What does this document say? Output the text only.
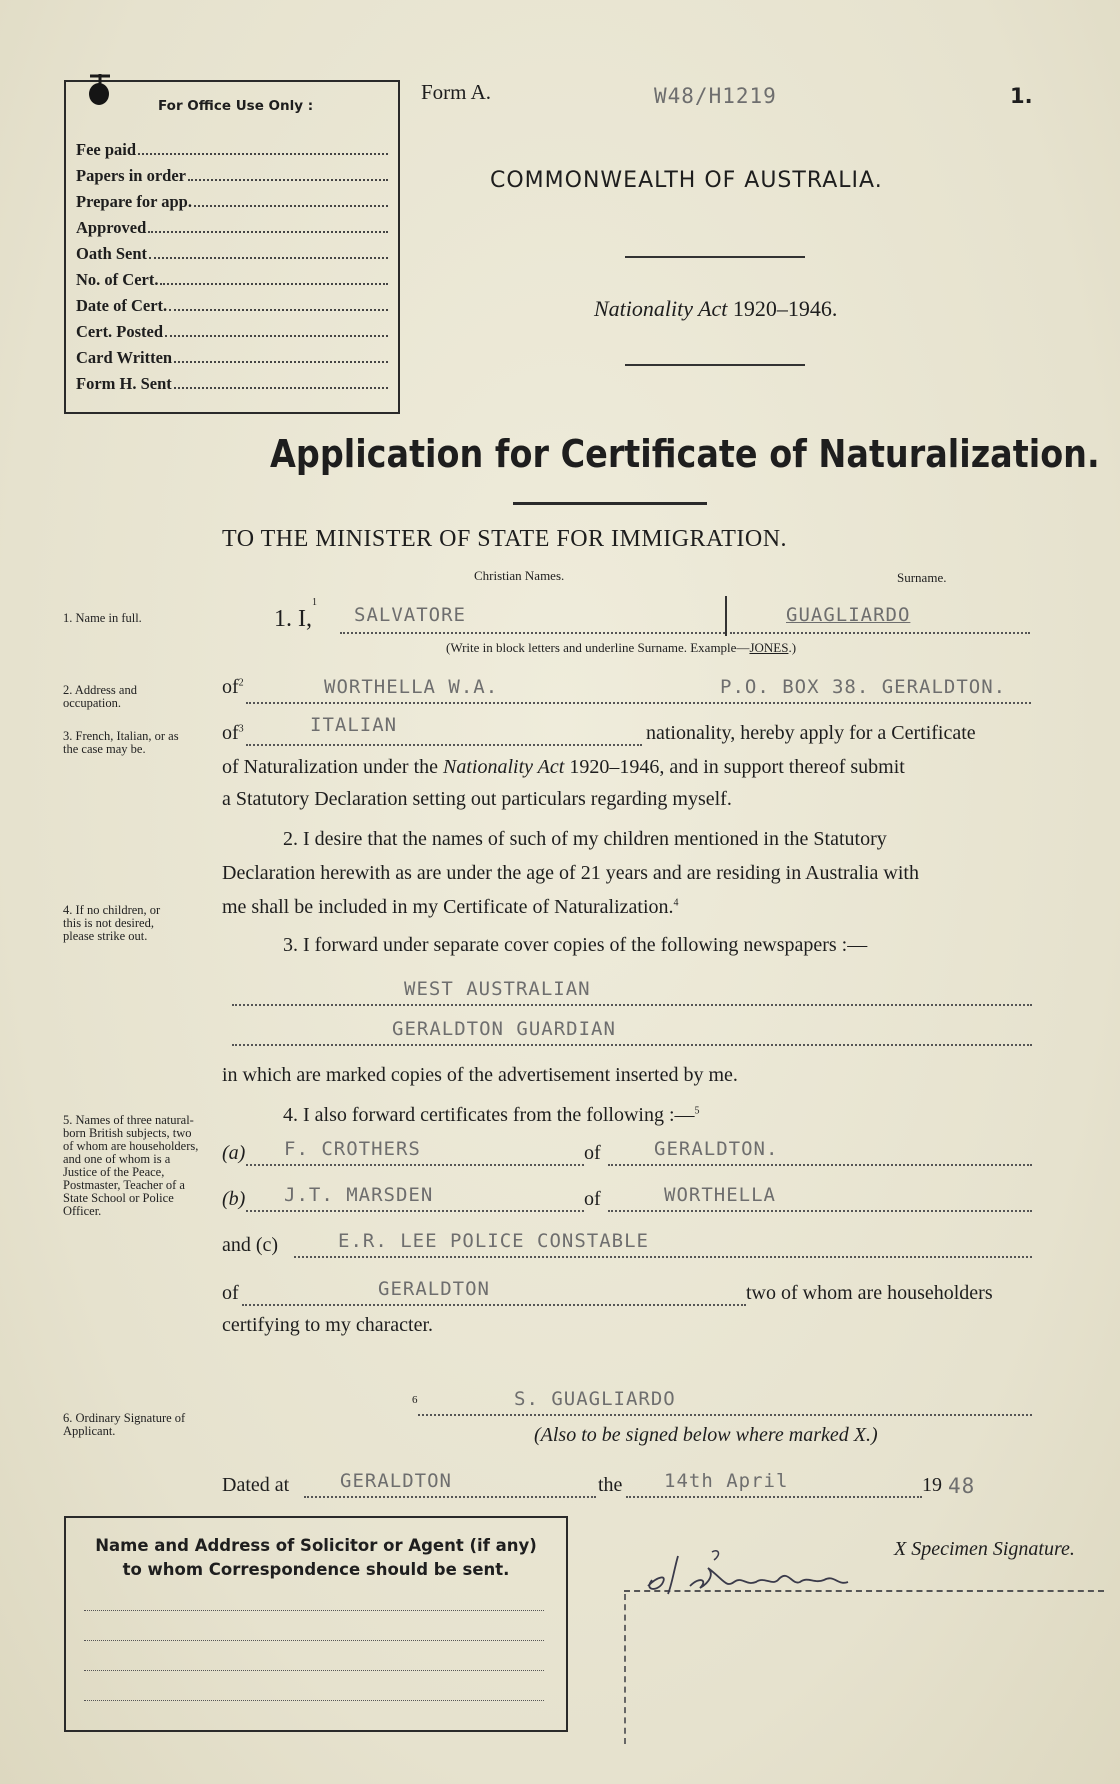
For Office Use Only :
Fee paid
Papers in order
Prepare for app.
Approved
Oath Sent
No. of Cert.
Date of Cert.
Cert. Posted
Card Written
Form H. Sent
Form A.	W48/H1219	1.
COMMONWEALTH OF AUSTRALIA.
Nationality Act 1920–1946.
Application for Certificate of Naturalization.
TO THE MINISTER OF STATE FOR IMMIGRATION.
Christian Names.	Surname.
1. I,$^1$
SALVATORE	GUAGLIARDO
(Write in block letters and underline Surname. Example—JONES.)
$of^2$	WORTHELLA W.A.	P.O. BOX 38. GERALDTON.
$of^3$	ITALIAN	nationality, hereby apply for a Certificate
of Naturalization under the Nationality Act 1920–1946, and in support thereof submit
a Statutory Declaration setting out particulars regarding myself.
2. I desire that the names of such of my children mentioned in the Statutory
Declaration herewith as are under the age of 21 years and are residing in Australia with
me shall be included in my Certificate of Naturalization.$^4$
3. I forward under separate cover copies of the following newspapers :—
WEST AUSTRALIAN
GERALDTON GUARDIAN
in which are marked copies of the advertisement inserted by me.
4. I also forward certificates from the following :—$^5$
(a) F. CROTHERS	of	GERALDTON.
(b) J.T. MARSDEN	of	WORTHELLA
and (c)	E.R. LEE POLICE CONSTABLE
of	GERALDTON	two of whom are householders
certifying to my character.
6	S. GUAGLIARDO
(Also to be signed below where marked X.)
Dated at	GERALDTON	the 14th April	19 48
Name and Address of Solicitor or Agent (if any)
to whom Correspondence should be sent.
X Specimen Signature.
1. Name in full.
2. Address and occupation.
3. French, Italian, or as the case may be.
4. If no children, or this is not desired, please strike out.
5. Names of three natural-born British subjects, two of whom are householders, and one of whom is a Justice of the Peace, Postmaster, Teacher of a State School or Police Officer.
6. Ordinary Signature of Applicant.
